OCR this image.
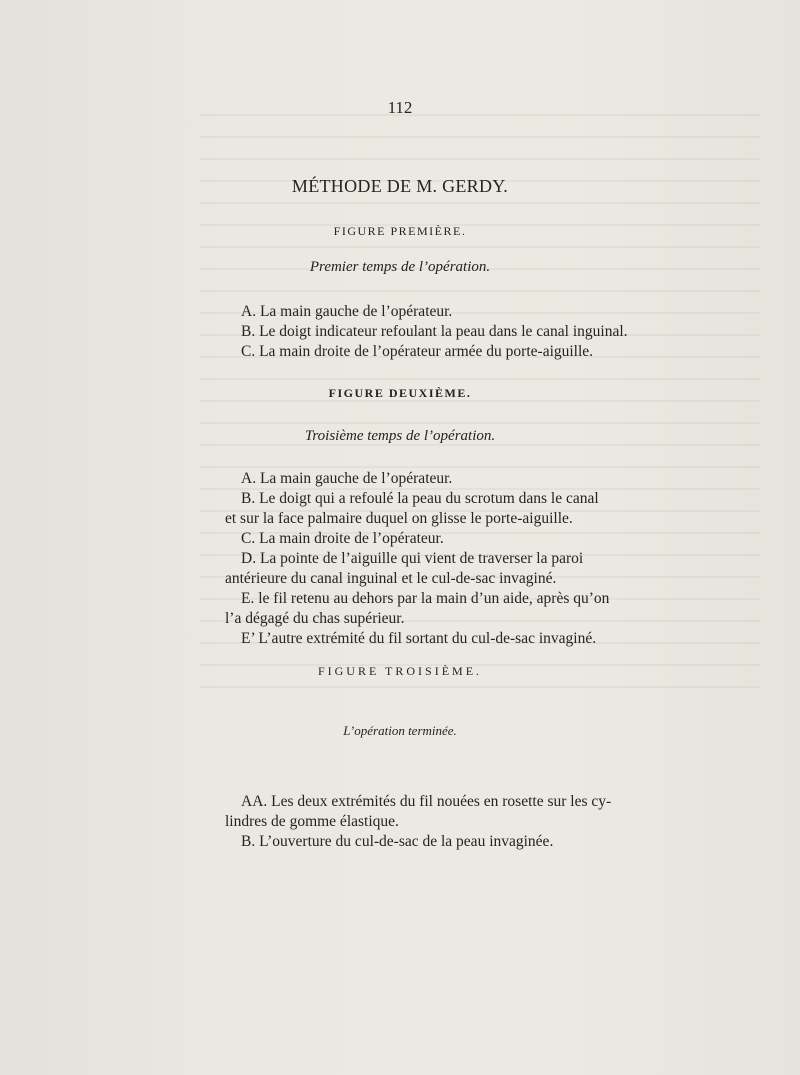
112
MÉTHODE DE M. GERDY.
FIGURE PREMIÈRE.
Premier temps de l’opération.
A. La main gauche de l’opérateur.
B. Le doigt indicateur refoulant la peau dans le canal inguinal.
C. La main droite de l’opérateur armée du porte-aiguille.
FIGURE DEUXIÈME.
Troisième temps de l’opération.
A. La main gauche de l’opérateur.
B. Le doigt qui a refoulé la peau du scrotum dans le canal
et sur la face palmaire duquel on glisse le porte-aiguille.
C. La main droite de l’opérateur.
D. La pointe de l’aiguille qui vient de traverser la paroi
antérieure du canal inguinal et le cul-de-sac invaginé.
E. le fil retenu au dehors par la main d’un aide, après qu’on
l’a dégagé du chas supérieur.
E’ L’autre extrémité du fil sortant du cul-de-sac invaginé.
FIGURE TROISIÈME.
L’opération terminée.
AA. Les deux extrémités du fil nouées en rosette sur les cy-
lindres de gomme élastique.
B. L’ouverture du cul-de-sac de la peau invaginée.
